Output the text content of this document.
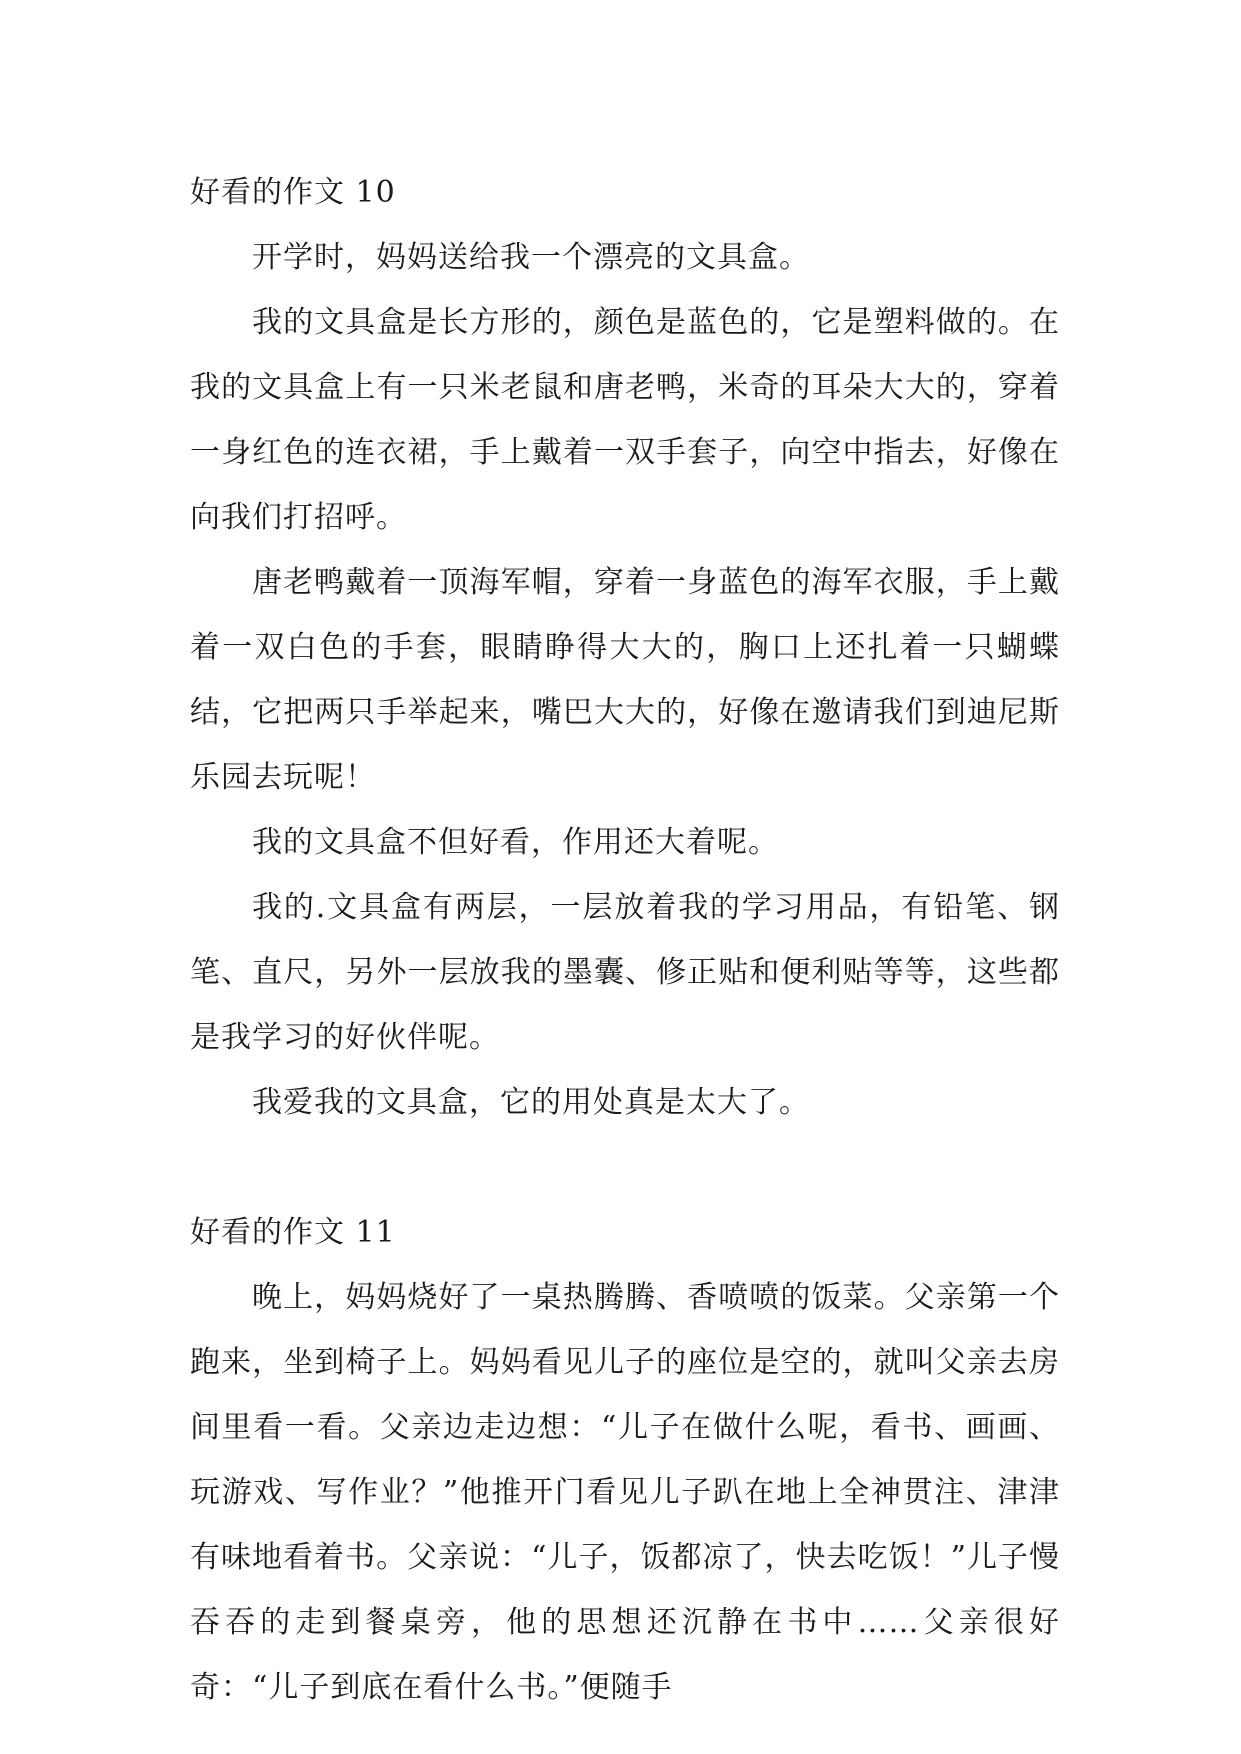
好看的作文 10

开学时，妈妈送给我一个漂亮的文具盒。

我的文具盒是长方形的，颜色是蓝色的，它是塑料做的。在我的文具盒上有一只米老鼠和唐老鸭，米奇的耳朵大大的，穿着一身红色的连衣裙，手上戴着一双手套子，向空中指去，好像在向我们打招呼。

唐老鸭戴着一顶海军帽，穿着一身蓝色的海军衣服，手上戴着一双白色的手套，眼睛睁得大大的，胸口上还扎着一只蝴蝶结，它把两只手举起来，嘴巴大大的，好像在邀请我们到迪尼斯乐园去玩呢！

我的文具盒不但好看，作用还大着呢。

我的.文具盒有两层，一层放着我的学习用品，有铅笔、钢笔、直尺，另外一层放我的墨囊、修正贴和便利贴等等，这些都是我学习的好伙伴呢。

我爱我的文具盒，它的用处真是太大了。

好看的作文 11

晚上，妈妈烧好了一桌热腾腾、香喷喷的饭菜。父亲第一个跑来，坐到椅子上。妈妈看见儿子的座位是空的，就叫父亲去房间里看一看。父亲边走边想：“儿子在做什么呢，看书、画画、玩游戏、写作业？”他推开门看见儿子趴在地上全神贯注、津津有味地看着书。父亲说：“儿子，饭都凉了，快去吃饭！”儿子慢吞吞的走到餐桌旁，他的思想还沉静在书中……父亲很好奇：“儿子到底在看什么书。”便随手
